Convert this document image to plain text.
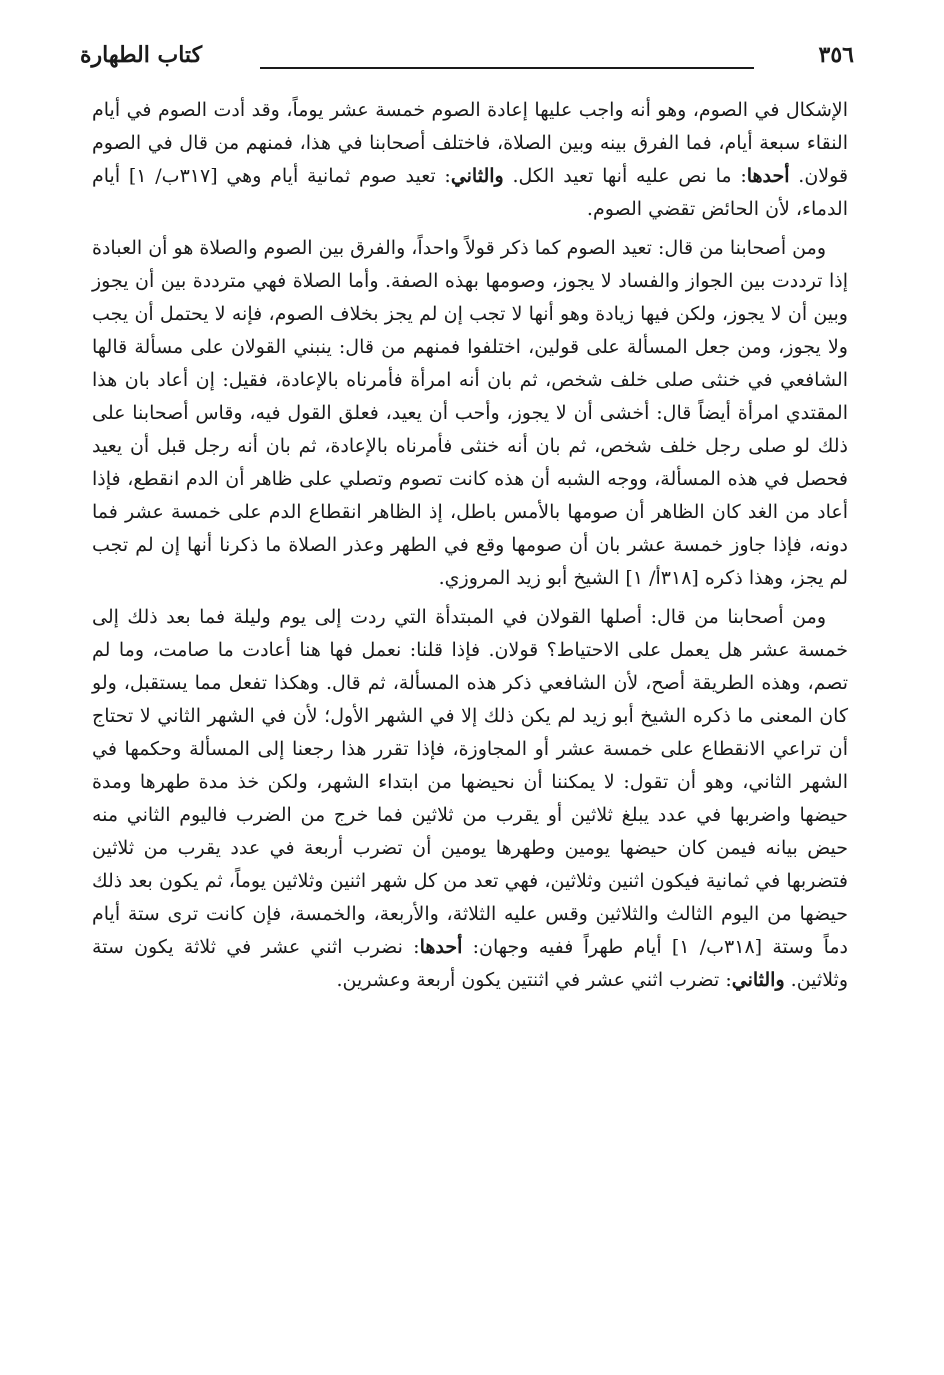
٣٥٦
كتاب الطهارة

الإشكال في الصوم، وهو أنه واجب عليها إعادة الصوم خمسة عشر يوماً، وقد أدت الصوم في أيام النقاء سبعة أيام، فما الفرق بينه وبين الصلاة، فاختلف أصحابنا في هذا، فمنهم من قال في الصوم قولان. أحدها: ما نص عليه أنها تعيد الكل. والثاني: تعيد صوم ثمانية أيام وهي [٣١٧ب/ ١] أيام الدماء، لأن الحائض تقضي الصوم.

ومن أصحابنا من قال: تعيد الصوم كما ذكر قولاً واحداً، والفرق بين الصوم والصلاة هو أن العبادة إذا ترددت بين الجواز والفساد لا يجوز، وصومها بهذه الصفة. وأما الصلاة فهي مترددة بين أن يجوز وبين أن لا يجوز، ولكن فيها زيادة وهو أنها لا تجب إن لم يجز بخلاف الصوم، فإنه لا يحتمل أن يجب ولا يجوز، ومن جعل المسألة على قولين، اختلفوا فمنهم من قال: ينبني القولان على مسألة قالها الشافعي في خنثى صلى خلف شخص، ثم بان أنه امرأة فأمرناه بالإعادة، فقيل: إن أعاد بان هذا المقتدي امرأة أيضاً قال: أخشى أن لا يجوز، وأحب أن يعيد، فعلق القول فيه، وقاس أصحابنا على ذلك لو صلى رجل خلف شخص، ثم بان أنه خنثى فأمرناه بالإعادة، ثم بان أنه رجل قبل أن يعيد فحصل في هذه المسألة، ووجه الشبه أن هذه كانت تصوم وتصلي على ظاهر أن الدم انقطع، فإذا أعاد من الغد كان الظاهر أن صومها بالأمس باطل، إذ الظاهر انقطاع الدم على خمسة عشر فما دونه، فإذا جاوز خمسة عشر بان أن صومها وقع في الطهر وعذر الصلاة ما ذكرنا أنها إن لم تجب لم يجز، وهذا ذكره [٣١٨أ/ ١] الشيخ أبو زيد المروزي.

ومن أصحابنا من قال: أصلها القولان في المبتدأة التي ردت إلى يوم وليلة فما بعد ذلك إلى خمسة عشر هل يعمل على الاحتياط؟ قولان. فإذا قلنا: نعمل فها هنا أعادت ما صامت، وما لم تصم، وهذه الطريقة أصح، لأن الشافعي ذكر هذه المسألة، ثم قال. وهكذا تفعل مما يستقبل، ولو كان المعنى ما ذكره الشيخ أبو زيد لم يكن ذلك إلا في الشهر الأول؛ لأن في الشهر الثاني لا تحتاج أن تراعي الانقطاع على خمسة عشر أو المجاوزة، فإذا تقرر هذا رجعنا إلى المسألة وحكمها في الشهر الثاني، وهو أن تقول: لا يمكننا أن نحيضها من ابتداء الشهر، ولكن خذ مدة طهرها ومدة حيضها واضربها في عدد يبلغ ثلاثين أو يقرب من ثلاثين فما خرج من الضرب فاليوم الثاني منه حيض بيانه فيمن كان حيضها يومين وطهرها يومين أن تضرب أربعة في عدد يقرب من ثلاثين فتضربها في ثمانية فيكون اثنين وثلاثين، فهي تعد من كل شهر اثنين وثلاثين يوماً، ثم يكون بعد ذلك حيضها من اليوم الثالث والثلاثين وقس عليه الثلاثة، والأربعة، والخمسة، فإن كانت ترى ستة أيام دماً وستة [٣١٨ب/ ١] أيام طهراً ففيه وجهان: أحدها: نضرب اثني عشر في ثلاثة يكون ستة وثلاثين. والثاني: تضرب اثني عشر في اثنتين يكون أربعة وعشرين.
